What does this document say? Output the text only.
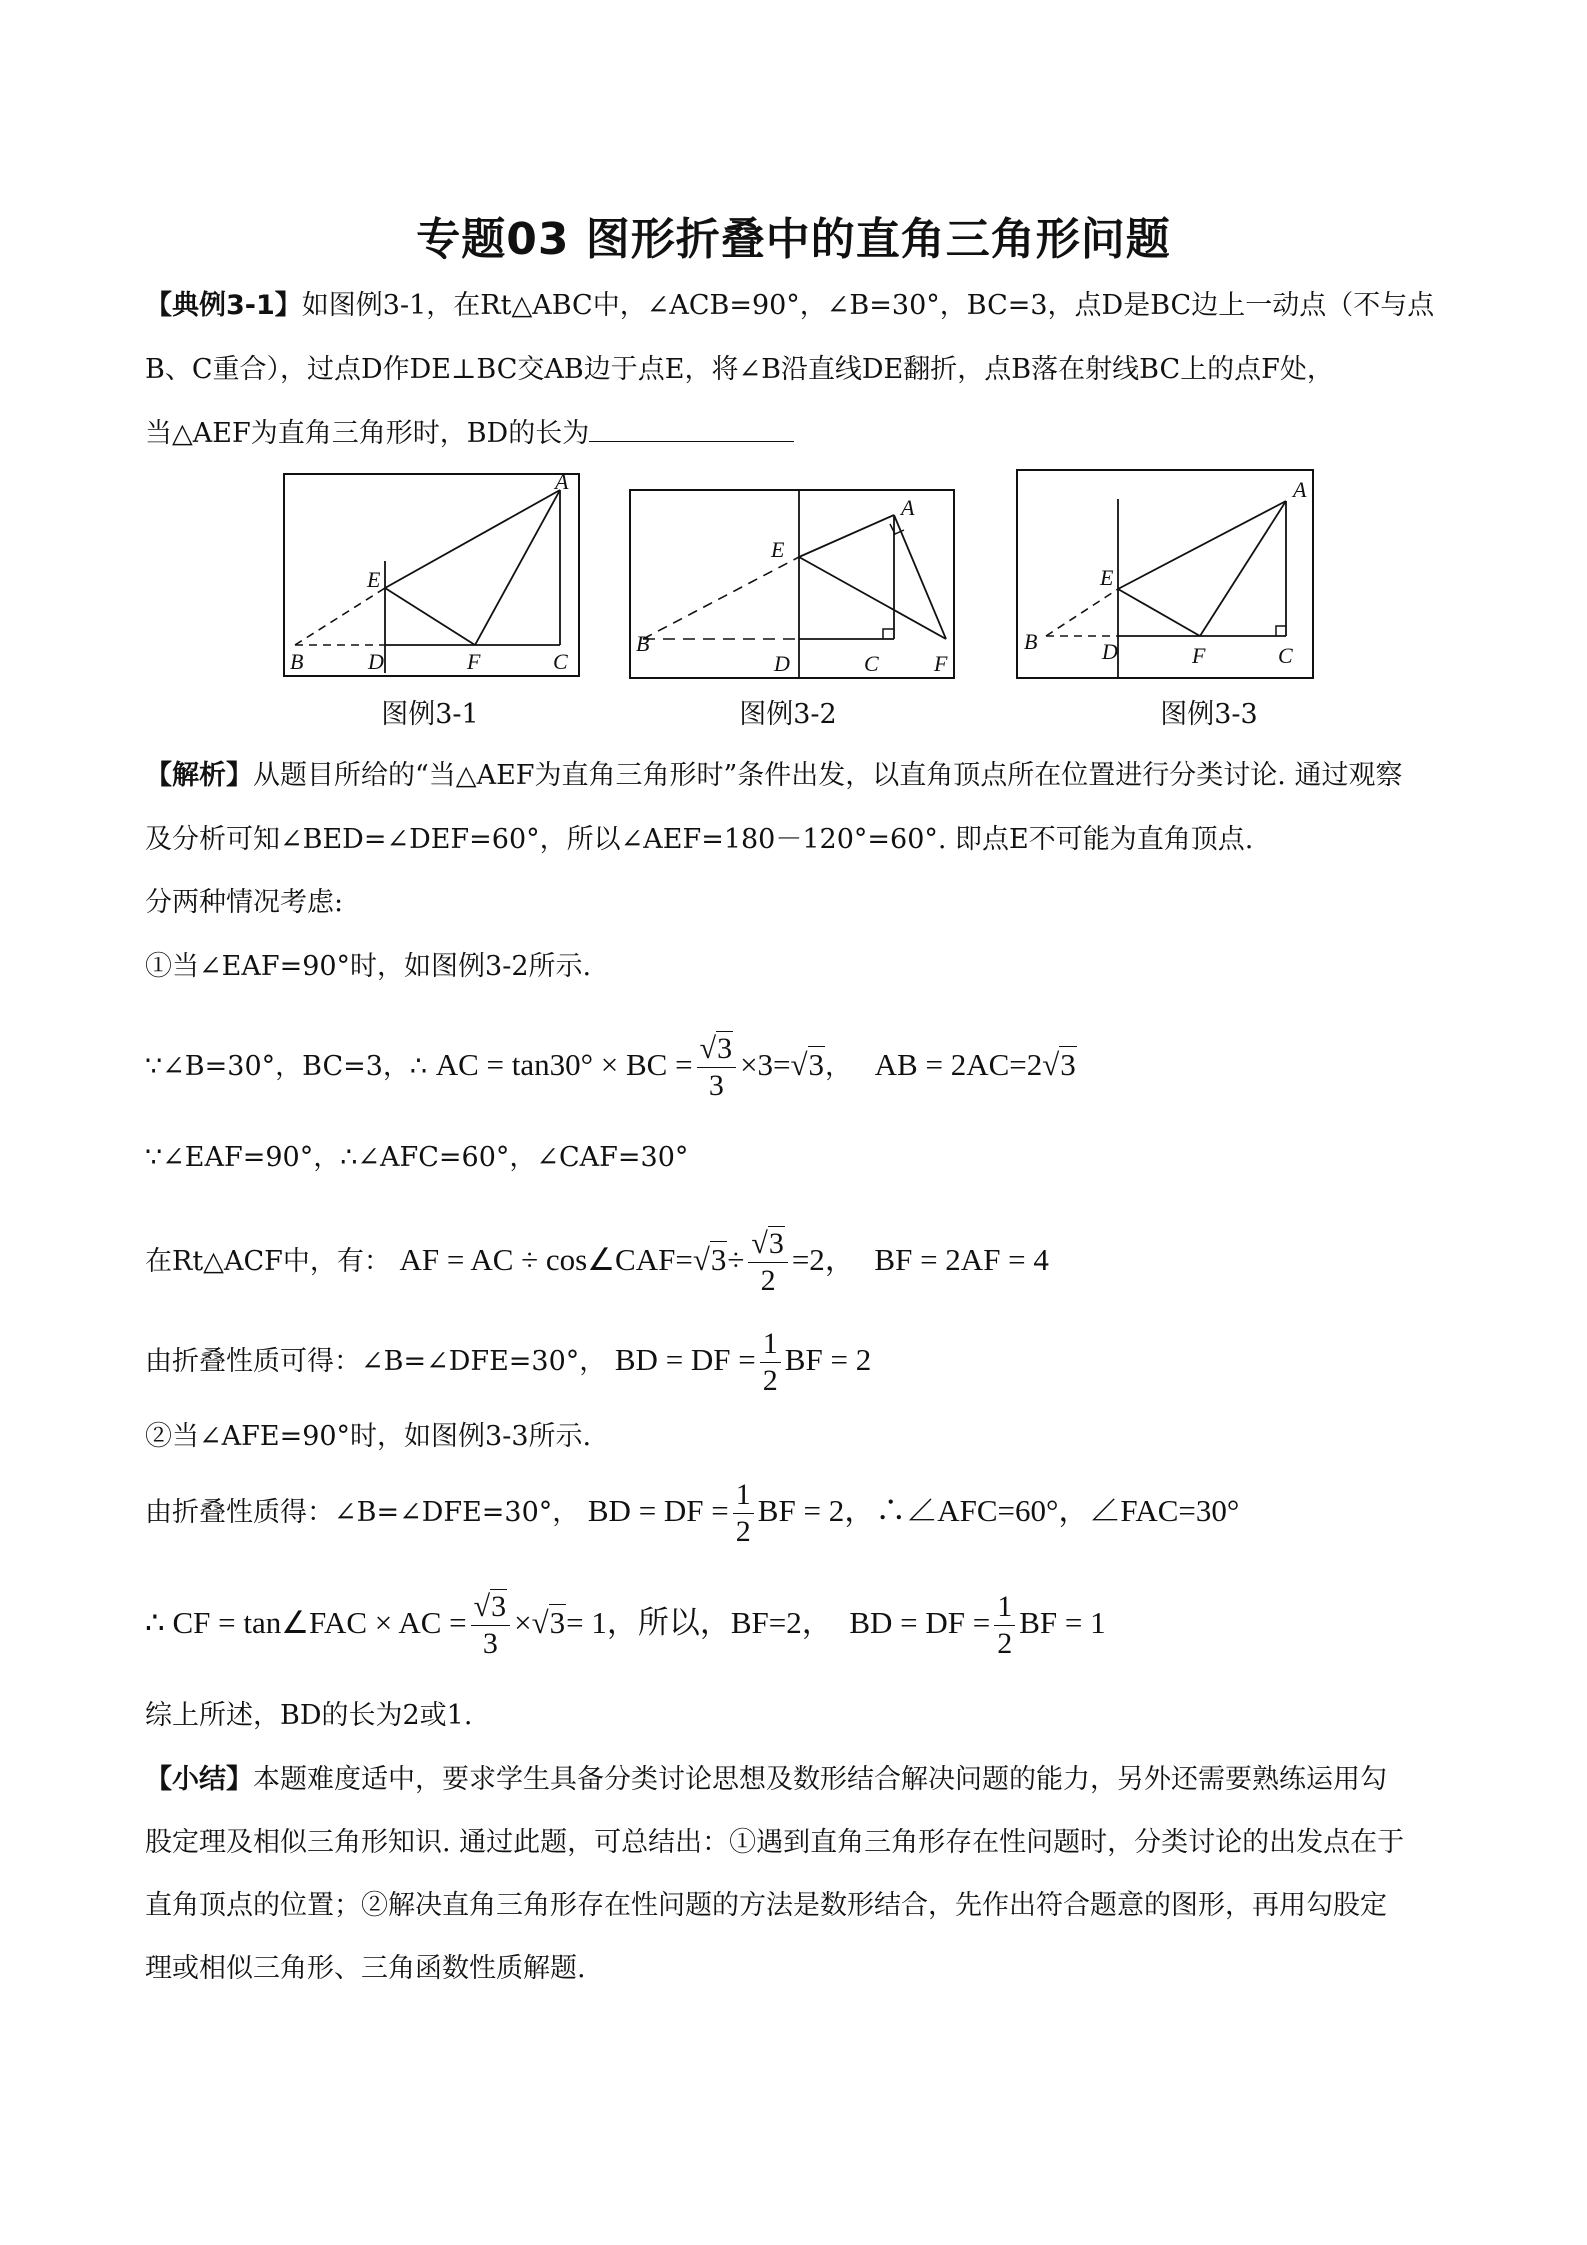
专题03 图形折叠中的直角三角形问题
【典例3-1】如图例3-1，在Rt△ABC中，∠ACB=90°，∠B=30°，BC=3，点D是BC边上一动点（不与点
B、C重合），过点D作DE⊥BC交AB边于点E，将∠B沿直线DE翻折，点B落在射线BC上的点F处，
当△AEF为直角三角形时，BD的长为
A
E
B	D	F	C
图例3-1
A
E
B
D	C	F
图例3-2
A
E
B	D	F	C
图例3-3
【解析】从题目所给的“当△AEF为直角三角形时”条件出发，以直角顶点所在位置进行分类讨论. 通过观察
及分析可知∠BED=∠DEF=60°，所以∠AEF=180－120°=60°. 即点E不可能为直角顶点.
分两种情况考虑:
①当∠EAF=90°时，如图例3-2所示.
∵∠B=30°，BC=3，∴ AC = tan30° × BC = $\frac{√3}{3} \times 3=√3$， AB = 2AC=2√3
∵∠EAF=90°，∴∠AFC=60°，∠CAF=30°
在Rt△ACF中，有： AF = AC ÷ cos∠CAF=√3÷ $\frac{√3}{2} =2$， BF = 2AF = 4
由折叠性质可得：∠B=∠DFE=30°， BD = DF = $\frac{1}{2}$ BF = 2
②当∠AFE=90°时，如图例3-3所示.
由折叠性质得：∠B=∠DFE=30°， BD = DF = $\frac{1}{2}$ BF = 2，∴∠AFC=60°，∠FAC=30°
∴ CF = tan∠FAC × AC = $\frac{√3}{3} \times√3= 1$，所以，BF=2， BD = DF = $\frac{1}{2}$ BF = 1
综上所述，BD的长为2或1.
【小结】本题难度适中，要求学生具备分类讨论思想及数形结合解决问题的能力，另外还需要熟练运用勾
股定理及相似三角形知识. 通过此题，可总结出：①遇到直角三角形存在性问题时，分类讨论的出发点在于
直角顶点的位置；②解决直角三角形存在性问题的方法是数形结合，先作出符合题意的图形，再用勾股定
理或相似三角形、三角函数性质解题.
